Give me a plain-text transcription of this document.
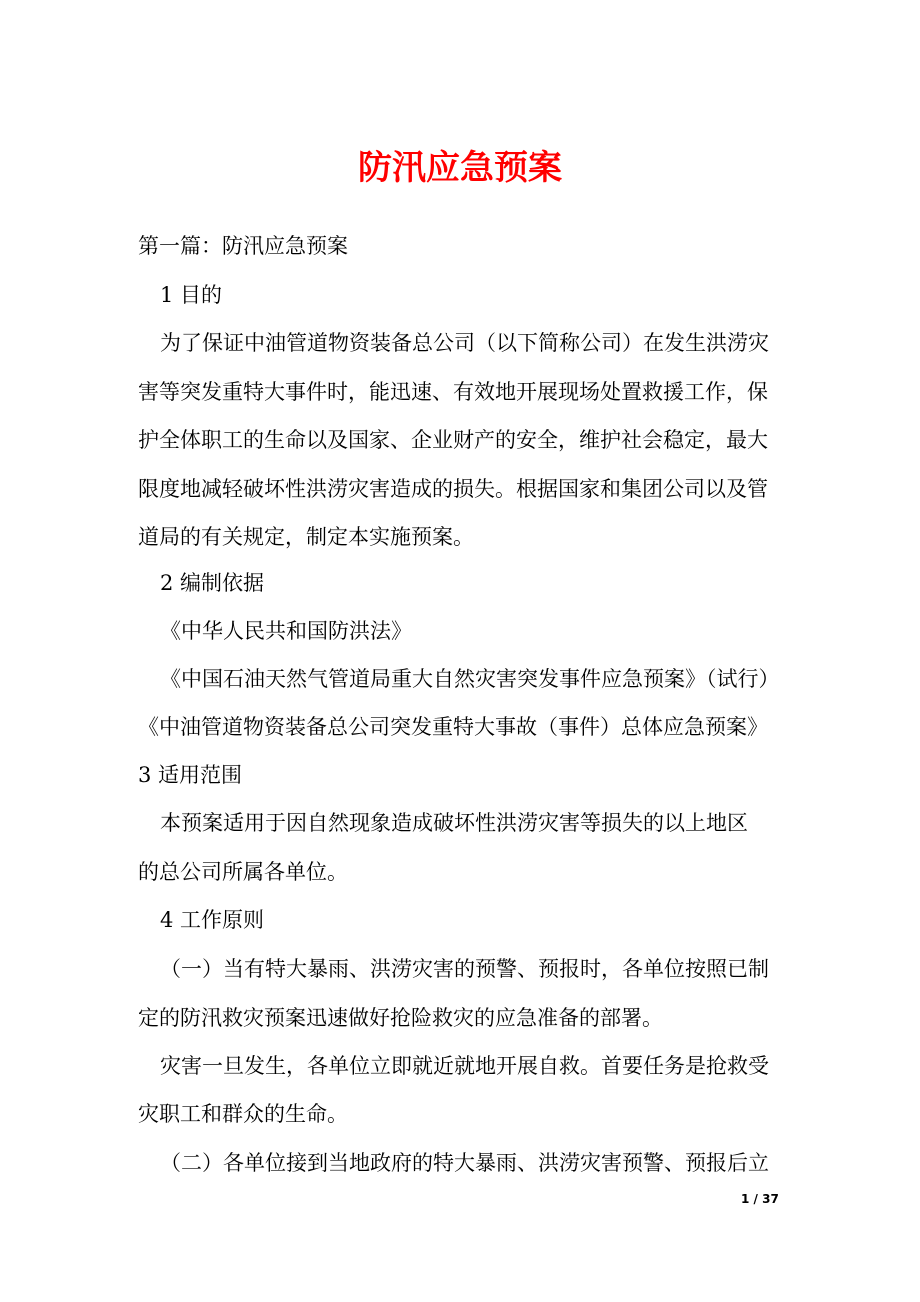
防汛应急预案
第一篇：防汛应急预案
1 目的
为了保证中油管道物资装备总公司（以下简称公司）在发生洪涝灾
害等突发重特大事件时，能迅速、有效地开展现场处置救援工作，保
护全体职工的生命以及国家、企业财产的安全，维护社会稳定，最大
限度地减轻破坏性洪涝灾害造成的损失。根据国家和集团公司以及管
道局的有关规定，制定本实施预案。
2 编制依据
《中华人民共和国防洪法》
《中国石油天然气管道局重大自然灾害突发事件应急预案》（试行）
《中油管道物资装备总公司突发重特大事故（事件）总体应急预案》
3 适用范围
本预案适用于因自然现象造成破坏性洪涝灾害等损失的以上地区
的总公司所属各单位。
4 工作原则
（一）当有特大暴雨、洪涝灾害的预警、预报时，各单位按照已制
定的防汛救灾预案迅速做好抢险救灾的应急准备的部署。
灾害一旦发生，各单位立即就近就地开展自救。首要任务是抢救受
灾职工和群众的生命。
（二）各单位接到当地政府的特大暴雨、洪涝灾害预警、预报后立
1 / 37
